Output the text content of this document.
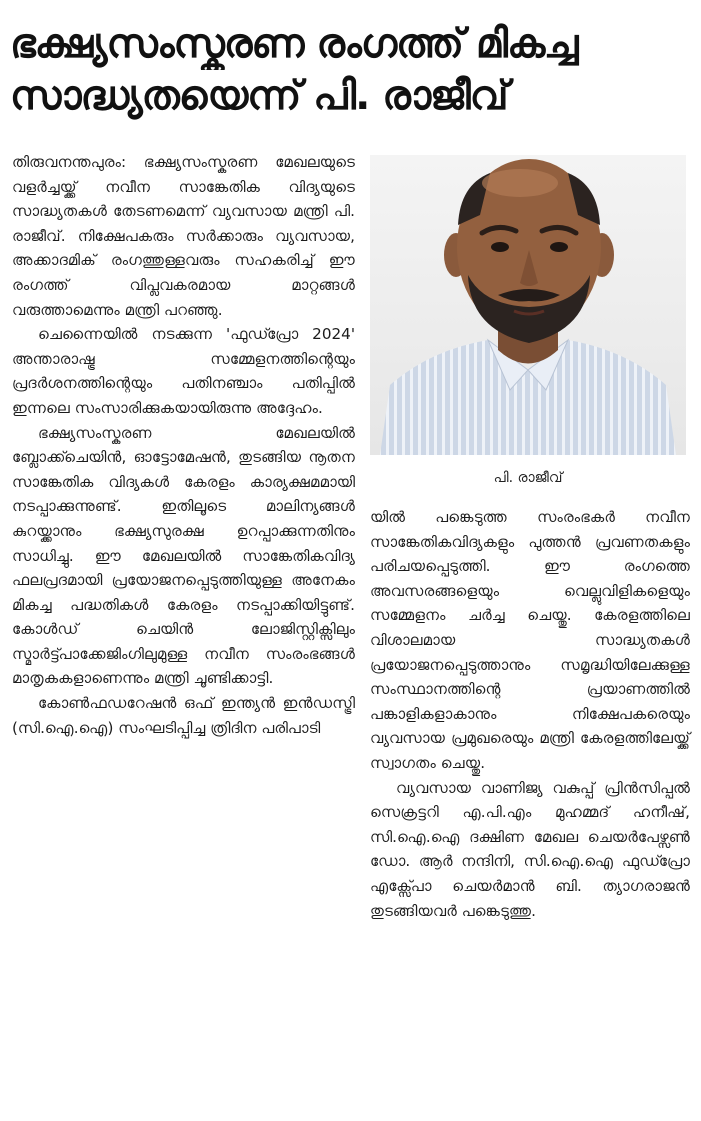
ഭക്ഷ്യസംസ്കരണ രംഗത്ത് മികച്ച
സാദ്ധ്യതയെന്ന് പി. രാജീവ്

തിരുവനന്തപുരം: ഭക്ഷ്യസംസ്കരണ മേഖലയുടെ വളർച്ചയ്ക്ക് നവീന സാങ്കേതിക വിദ്യയുടെ സാദ്ധ്യതകൾ തേടണമെന്ന് വ്യവസായ മന്ത്രി പി. രാജീവ്. നിക്ഷേപകരും സർക്കാരും വ്യവസായ, അക്കാദമിക് രംഗത്തുള്ളവരും സഹകരിച്ച് ഈ രംഗത്ത് വിപ്ലവകരമായ മാറ്റങ്ങൾ വരുത്താമെന്നും മന്ത്രി പറഞ്ഞു.

ചെന്നൈയിൽ നടക്കുന്ന 'ഫുഡ്പ്രോ 2024' അന്താരാഷ്ട്ര സമ്മേളനത്തിന്റെയും പ്രദർശനത്തിന്റെയും പതിനഞ്ചാം പതിപ്പിൽ ഇന്നലെ സംസാരിക്കുകയായിരുന്നു അദ്ദേഹം.

ഭക്ഷ്യസംസ്കരണ മേഖലയിൽ ബ്ലോക്ക്ചെയിൻ, ഓട്ടോമേഷൻ, തുടങ്ങിയ നൂതന സാങ്കേതിക വിദ്യകൾ കേരളം കാര്യക്ഷമമായി നടപ്പാക്കുന്നുണ്ട്. ഇതിലൂടെ മാലിന്യങ്ങൾ കുറയ്ക്കാനും ഭക്ഷ്യസുരക്ഷ ഉറപ്പാക്കുന്നതിനും സാധിച്ചു. ഈ മേഖലയിൽ സാങ്കേതികവിദ്യ ഫലപ്രദമായി പ്രയോജനപ്പെടുത്തിയുള്ള അനേകം മികച്ച പദ്ധതികൾ കേരളം നടപ്പാക്കിയിട്ടുണ്ട്. കോൾഡ് ചെയിൻ ലോജിസ്റ്റിക്സിലും സ്മാർട്ട്പാക്കേജിംഗിലുമുള്ള നവീന സംരംഭങ്ങൾ മാതൃകകളാണെന്നും മന്ത്രി ചൂണ്ടിക്കാട്ടി.

കോൺഫഡറേഷൻ ഒഫ് ഇന്ത്യൻ ഇൻഡസ്ട്രി (സി.ഐ.ഐ) സംഘടിപ്പിച്ച ത്രിദിന പരിപാടി

പി. രാജീവ്

യിൽ പങ്കെടുത്ത സംരംഭകർ നവീന സാങ്കേതികവിദ്യകളും പുത്തൻ പ്രവണതകളും പരിചയപ്പെടുത്തി. ഈ രംഗത്തെ അവസരങ്ങളെയും വെല്ലുവിളികളെയും സമ്മേളനം ചർച്ച ചെയ്തു. കേരളത്തിലെ വിശാലമായ സാദ്ധ്യതകൾ പ്രയോജനപ്പെടുത്താനും സമൃദ്ധിയിലേക്കുള്ള സംസ്ഥാനത്തിന്റെ പ്രയാണത്തിൽ പങ്കാളികളാകാനും നിക്ഷേപകരെയും വ്യവസായ പ്രമുഖരെയും മന്ത്രി കേരളത്തിലേയ്ക്ക് സ്വാഗതം ചെയ്തു.

വ്യവസായ വാണിജ്യ വകുപ്പ് പ്രിൻസിപ്പൽ സെക്രട്ടറി എ.പി.എം മുഹമ്മദ് ഹനീഷ്, സി.ഐ.ഐ ദക്ഷിണ മേഖല ചെയർപേഴ്സൺ ഡോ. ആർ നന്ദിനി, സി.ഐ.ഐ ഫുഡ്പ്രോ എക്സ്പോ ചെയർമാൻ ബി. ത്യാഗരാജൻ തുടങ്ങിയവർ പങ്കെടുത്തു.
